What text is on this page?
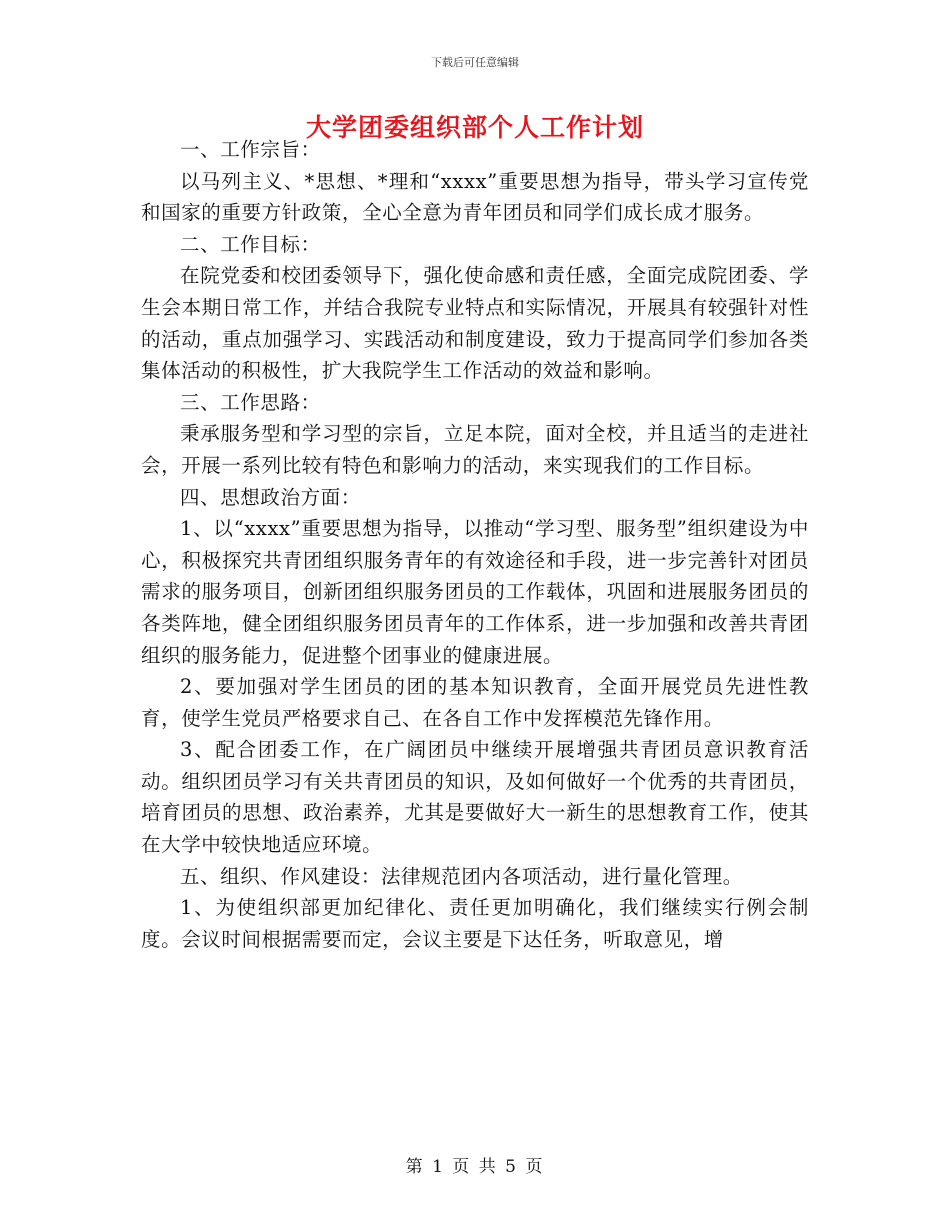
下载后可任意编辑
大学团委组织部个人工作计划

一、工作宗旨：

以马列主义、*思想、*理和“xxxx”重要思想为指导，带头学习宣传党和国家的重要方针政策，全心全意为青年团员和同学们成长成才服务。

二、工作目标：

在院党委和校团委领导下，强化使命感和责任感，全面完成院团委、学生会本期日常工作，并结合我院专业特点和实际情况，开展具有较强针对性的活动，重点加强学习、实践活动和制度建设，致力于提高同学们参加各类集体活动的积极性，扩大我院学生工作活动的效益和影响。

三、工作思路：

秉承服务型和学习型的宗旨，立足本院，面对全校，并且适当的走进社会，开展一系列比较有特色和影响力的活动，来实现我们的工作目标。

四、思想政治方面：

1、以“xxxx”重要思想为指导，以推动“学习型、服务型”组织建设为中心，积极探究共青团组织服务青年的有效途径和手段，进一步完善针对团员需求的服务项目，创新团组织服务团员的工作载体，巩固和进展服务团员的各类阵地，健全团组织服务团员青年的工作体系，进一步加强和改善共青团组织的服务能力，促进整个团事业的健康进展。

2、要加强对学生团员的团的基本知识教育，全面开展党员先进性教育，使学生党员严格要求自己、在各自工作中发挥模范先锋作用。

3、配合团委工作，在广阔团员中继续开展增强共青团员意识教育活动。组织团员学习有关共青团员的知识，及如何做好一个优秀的共青团员，培育团员的思想、政治素养，尤其是要做好大一新生的思想教育工作，使其在大学中较快地适应环境。

五、组织、作风建设：法律规范团内各项活动，进行量化管理。

1、为使组织部更加纪律化、责任更加明确化，我们继续实行例会制度。会议时间根据需要而定，会议主要是下达任务，听取意见，增

第 1 页 共 5 页
